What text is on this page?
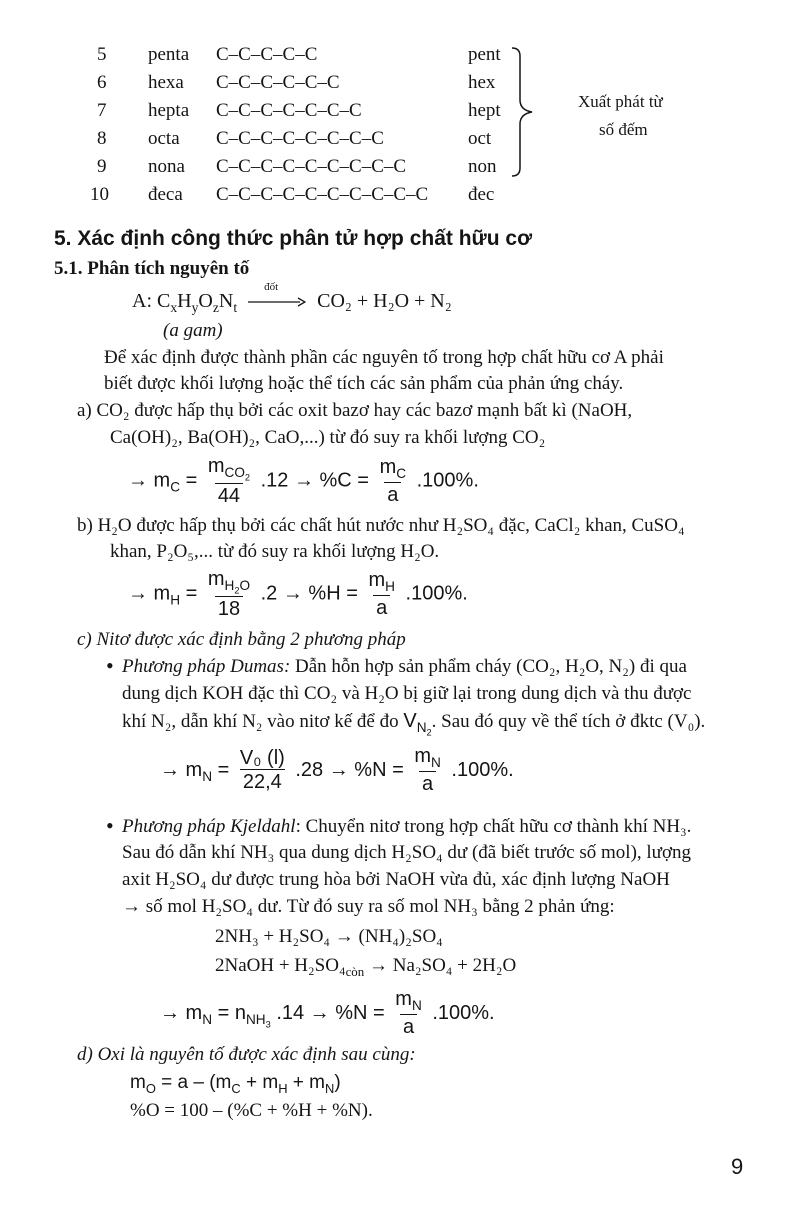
5 penta C–C–C–C–C	pent
6 hexa C–C–C–C–C–C	hex
7 hepta C–C–C–C–C–C–C	hept
8 octa C–C–C–C–C–C–C–C	oct
9 nona C–C–C–C–C–C–C–C–C	non
10 đeca C–C–C–C–C–C–C–C–C–C đec
Xuất phát từ
số đếm
5. Xác định công thức phân tử hợp chất hữu cơ
5.1. Phân tích nguyên tố
A: $C_xH_yO_zN_t$
đốt
CO₂ + H₂O + N₂
(a gam)
Để xác định được thành phần các nguyên tố trong hợp chất hữu cơ A phải
biết được khối lượng hoặc thể tích các sản phẩm của phản ứng cháy.
a) CO₂ được hấp thụ bởi các oxit bazơ hay các bazơ mạnh bất kì (NaOH,
Ca(OH)₂, Ba(OH)₂, CaO,...) từ đó suy ra khối lượng CO₂
→ $m_C = \frac{m_{CO_2}}{44} .12 \to \%C = \frac{m_C}{a} .100\%$.
b) H₂O được hấp thụ bởi các chất hút nước như H₂SO₄ đặc, CaCl₂ khan, CuSO₄
khan, P₂O₅,... từ đó suy ra khối lượng H₂O.
→ $m_H = \frac{m_{H_2O}}{18} .2 \to \%H = \frac{m_H}{a} .100\%$.
c) Nitơ được xác định bằng 2 phương pháp
• Phương pháp Dumas: Dẫn hỗn hợp sản phẩm cháy (CO₂, H₂O, N₂) đi qua
dung dịch KOH đặc thì CO₂ và H₂O bị giữ lại trong dung dịch và thu được
khí N₂, dẫn khí N₂ vào nitơ kế để đo $V_{N_2}$. Sau đó quy về thể tích ở đktc (V₀).
→ $m_N = \frac{\text{V₀ (l)}}{22,4} .28 \to \%N = \frac{m_N}{a} .100\%$.
• Phương pháp Kjeldahl: Chuyển nitơ trong hợp chất hữu cơ thành khí NH₃.
Sau đó dẫn khí NH₃ qua dung dịch H₂SO₄ dư (đã biết trước số mol), lượng
axit H₂SO₄ dư được trung hòa bởi NaOH vừa đủ, xác định lượng NaOH
→ số mol H₂SO₄ dư. Từ đó suy ra số mol NH₃ bằng 2 phản ứng:
2NH₃ + H₂SO₄ → (NH₄)₂SO₄
2NaOH + $H_2SO_4_{còn} \to Na_2SO_4 + 2H_2O$
→ $m_N = n_{NH_3}$ $.14 \to \%N = \frac{m_N}{a} .100\%$.
d) Oxi là nguyên tố được xác định sau cùng:
$m_O = a - (m_C + m_H + m_N)$
%O = 100 – (%C + %H + %N).
9
